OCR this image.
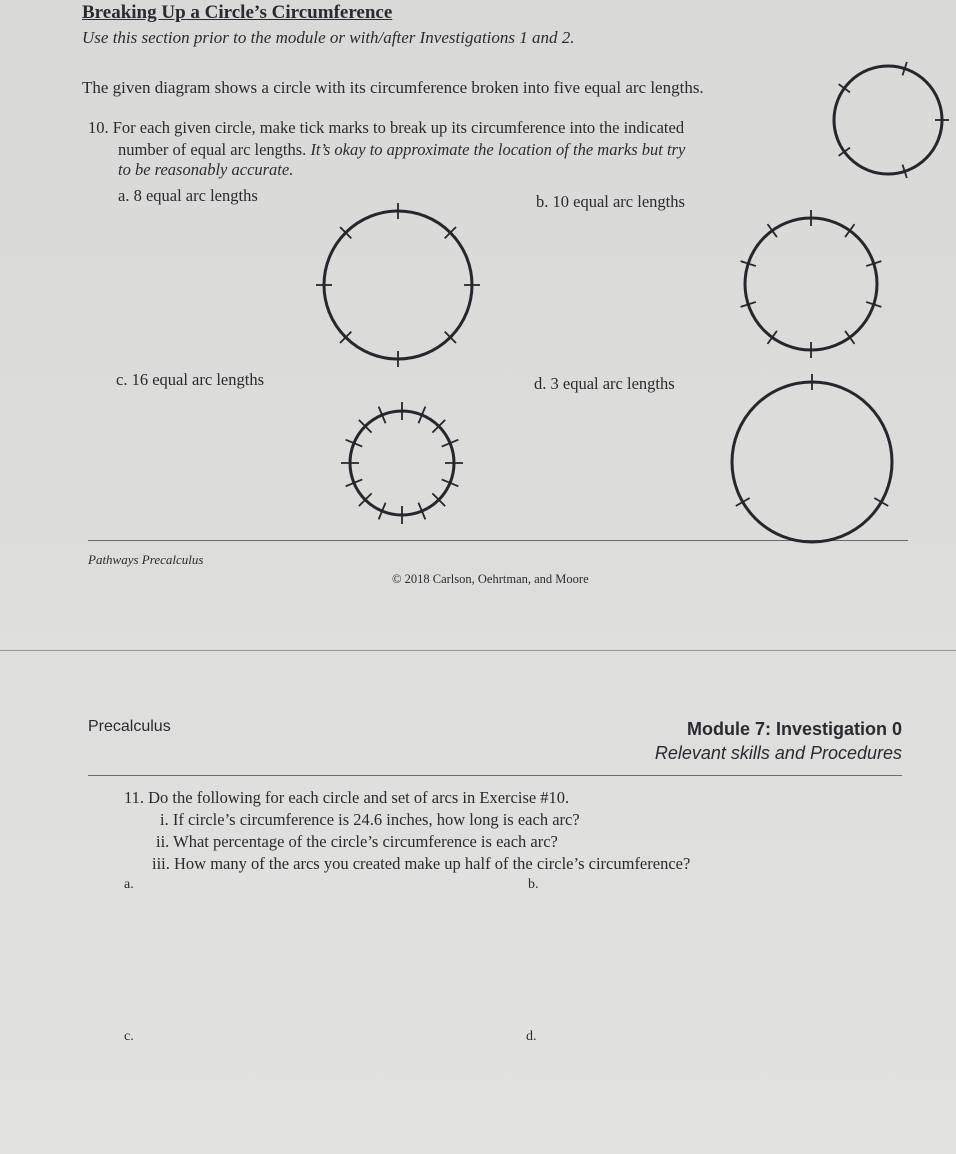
Breaking Up a Circle’s Circumference
Use this section prior to the module or with/after Investigations 1 and 2.
The given diagram shows a circle with its circumference broken into five equal arc lengths.
10. For each given circle, make tick marks to break up its circumference into the indicated
number of equal arc lengths. It’s okay to approximate the location of the marks but try
to be reasonably accurate.
a. 8 equal arc lengths	b. 10 equal arc lengths
c. 16 equal arc lengths	d. 3 equal arc lengths
Pathways Precalculus
© 2018 Carlson, Oehrtman, and Moore
Precalculus	Module 7: Investigation 0
Relevant skills and Procedures
11. Do the following for each circle and set of arcs in Exercise #10.
i. If circle’s circumference is 24.6 inches, how long is each arc?
ii. What percentage of the circle’s circumference is each arc?
iii. How many of the arcs you created make up half of the circle’s circumference?
a.	b.
c.	d.
